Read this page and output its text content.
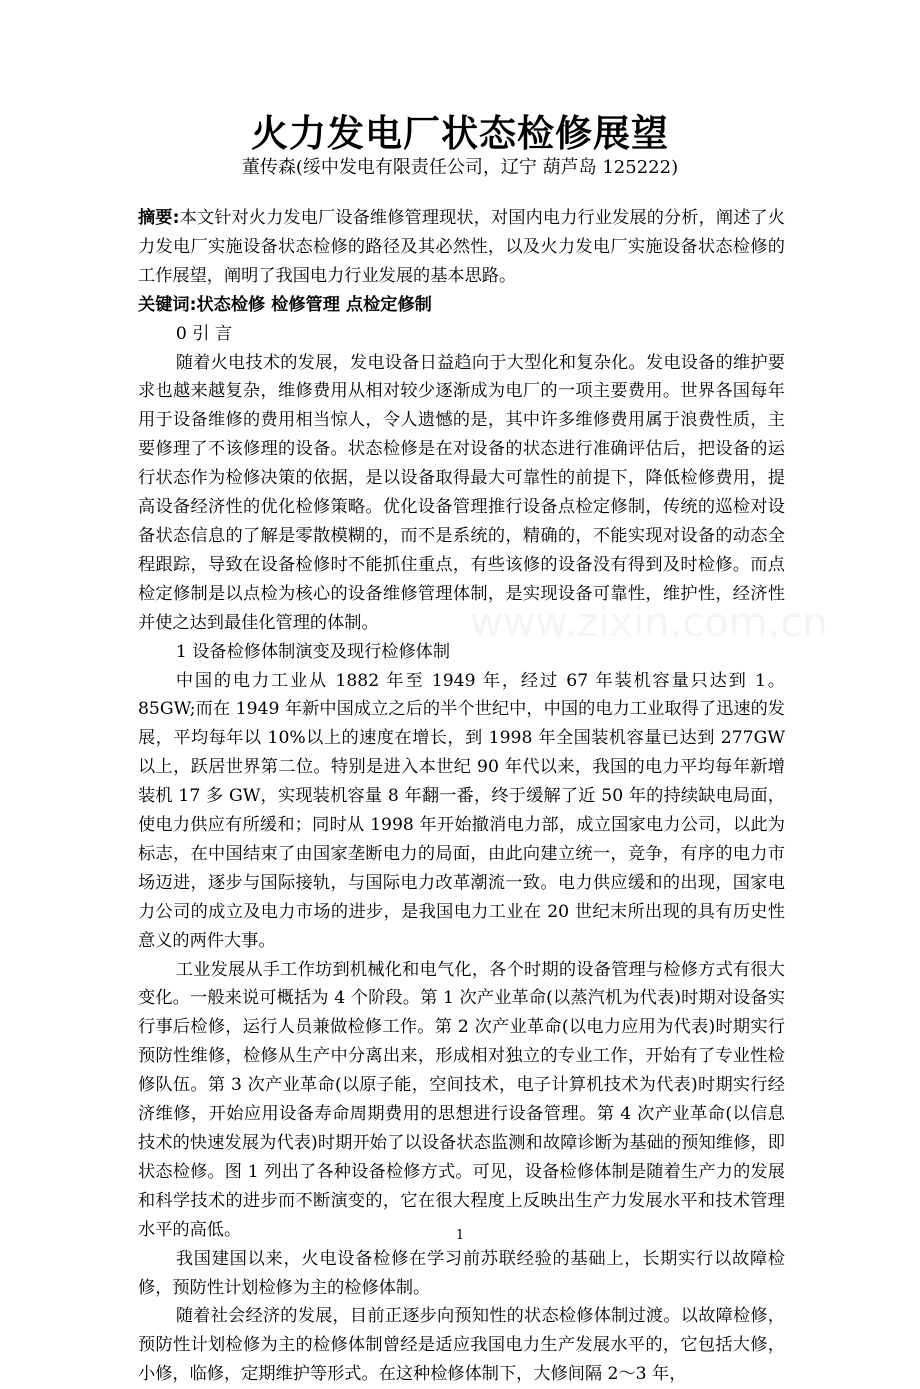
火力发电厂状态检修展望
董传森(绥中发电有限责任公司，辽宁 葫芦岛 125222)

摘要:本文针对火力发电厂设备维修管理现状，对国内电力行业发展的分析，阐述了火力发电厂实施设备状态检修的路径及其必然性，以及火力发电厂实施设备状态检修的工作展望，阐明了我国电力行业发展的基本思路。

关键词:状态检修 检修管理 点检定修制

0 引 言

随着火电技术的发展，发电设备日益趋向于大型化和复杂化。发电设备的维护要求也越来越复杂，维修费用从相对较少逐渐成为电厂的一项主要费用。世界各国每年用于设备维修的费用相当惊人，令人遗憾的是，其中许多维修费用属于浪费性质，主要修理了不该修理的设备。状态检修是在对设备的状态进行准确评估后，把设备的运行状态作为检修决策的依据，是以设备取得最大可靠性的前提下，降低检修费用，提高设备经济性的优化检修策略。优化设备管理推行设备点检定修制，传统的巡检对设备状态信息的了解是零散模糊的，而不是系统的，精确的，不能实现对设备的动态全程跟踪，导致在设备检修时不能抓住重点，有些该修的设备没有得到及时检修。而点检定修制是以点检为核心的设备维修管理体制，是实现设备可靠性，维护性，经济性并使之达到最佳化管理的体制。

1 设备检修体制演变及现行检修体制

中国的电力工业从 1882 年至 1949 年，经过 67 年装机容量只达到 1。85GW;而在 1949 年新中国成立之后的半个世纪中，中国的电力工业取得了迅速的发展，平均每年以 10%以上的速度在增长，到 1998 年全国装机容量已达到 277GW 以上，跃居世界第二位。特别是进入本世纪 90 年代以来，我国的电力平均每年新增装机 17 多 GW，实现装机容量 8 年翻一番，终于缓解了近 50 年的持续缺电局面，使电力供应有所缓和；同时从 1998 年开始撤消电力部，成立国家电力公司，以此为标志，在中国结束了由国家垄断电力的局面，由此向建立统一，竞争，有序的电力市场迈进，逐步与国际接轨，与国际电力改革潮流一致。电力供应缓和的出现，国家电力公司的成立及电力市场的进步，是我国电力工业在 20 世纪末所出现的具有历史性意义的两件大事。

工业发展从手工作坊到机械化和电气化，各个时期的设备管理与检修方式有很大变化。一般来说可概括为 4 个阶段。第 1 次产业革命(以蒸汽机为代表)时期对设备实行事后检修，运行人员兼做检修工作。第 2 次产业革命(以电力应用为代表)时期实行预防性维修，检修从生产中分离出来，形成相对独立的专业工作，开始有了专业性检修队伍。第 3 次产业革命(以原子能，空间技术，电子计算机技术为代表)时期实行经济维修，开始应用设备寿命周期费用的思想进行设备管理。第 4 次产业革命(以信息技术的快速发展为代表)时期开始了以设备状态监测和故障诊断为基础的预知维修，即状态检修。图 1 列出了各种设备检修方式。可见，设备检修体制是随着生产力的发展和科学技术的进步而不断演变的，它在很大程度上反映出生产力发展水平和技术管理水平的高低。

我国建国以来，火电设备检修在学习前苏联经验的基础上，长期实行以故障检修，预防性计划检修为主的检修体制。

随着社会经济的发展，目前正逐步向预知性的状态检修体制过渡。以故障检修，预防性计划检修为主的检修体制曾经是适应我国电力生产发展水平的，它包括大修，小修，临修，定期维护等形式。在这种检修体制下，大修间隔 2～3 年，

1
